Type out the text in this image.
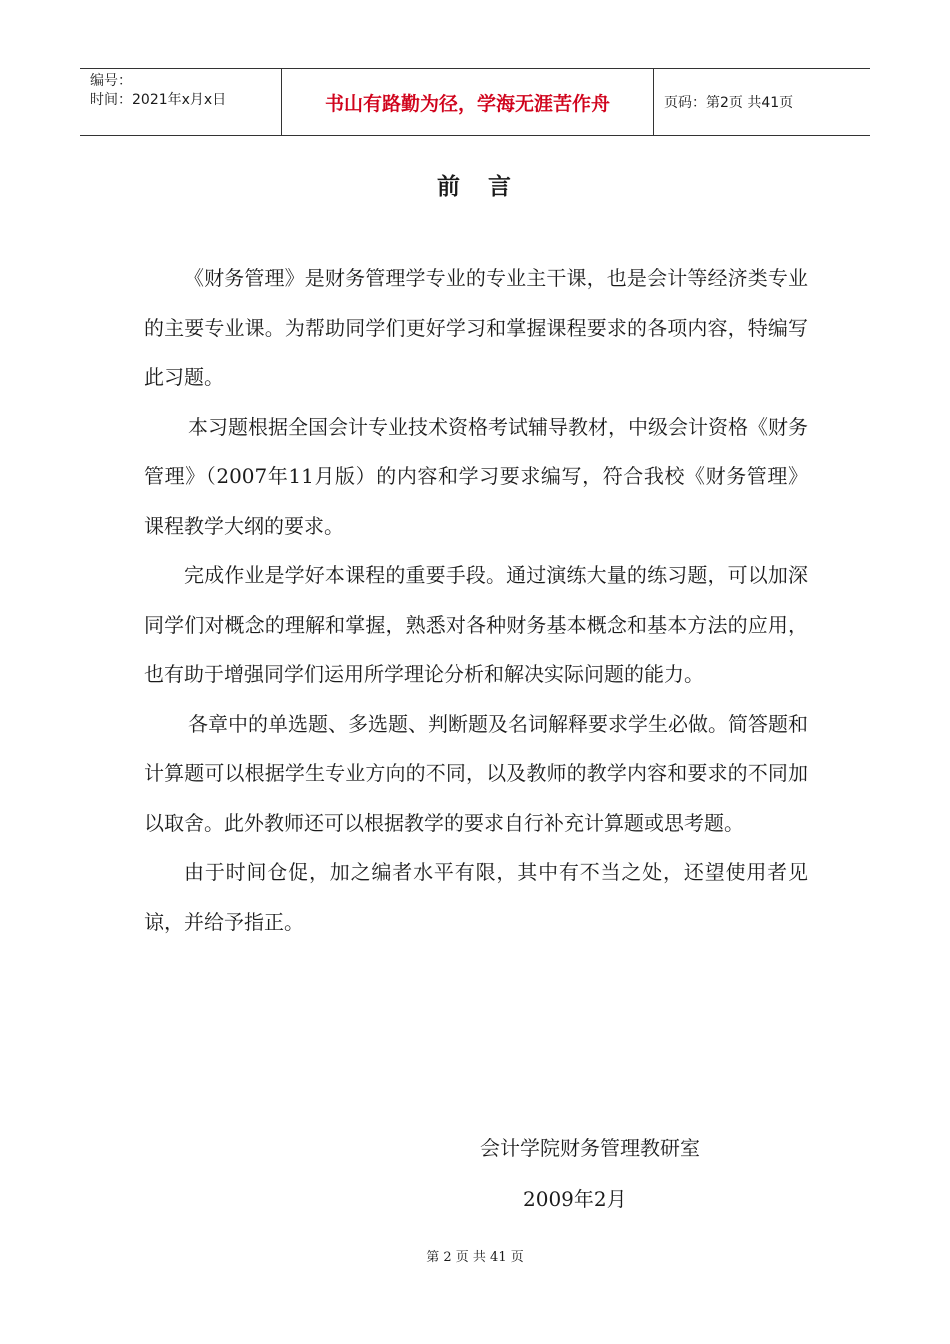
编号：
时间：2021年x月x日	书山有路勤为径，学海无涯苦作舟	页码：第2页 共41页
前 言

《财务管理》是财务管理学专业的专业主干课，也是会计等经济类专业的主要专业课。为帮助同学们更好学习和掌握课程要求的各项内容，特编写此习题。

本习题根据全国会计专业技术资格考试辅导教材，中级会计资格《财务管理》（2007年11月版）的内容和学习要求编写，符合我校《财务管理》课程教学大纲的要求。

完成作业是学好本课程的重要手段。通过演练大量的练习题，可以加深同学们对概念的理解和掌握，熟悉对各种财务基本概念和基本方法的应用，也有助于增强同学们运用所学理论分析和解决实际问题的能力。

各章中的单选题、多选题、判断题及名词解释要求学生必做。简答题和计算题可以根据学生专业方向的不同，以及教师的教学内容和要求的不同加以取舍。此外教师还可以根据教学的要求自行补充计算题或思考题。

由于时间仓促，加之编者水平有限，其中有不当之处，还望使用者见谅，并给予指正。

会计学院财务管理教研室
2009年2月
第 2 页 共 41 页
